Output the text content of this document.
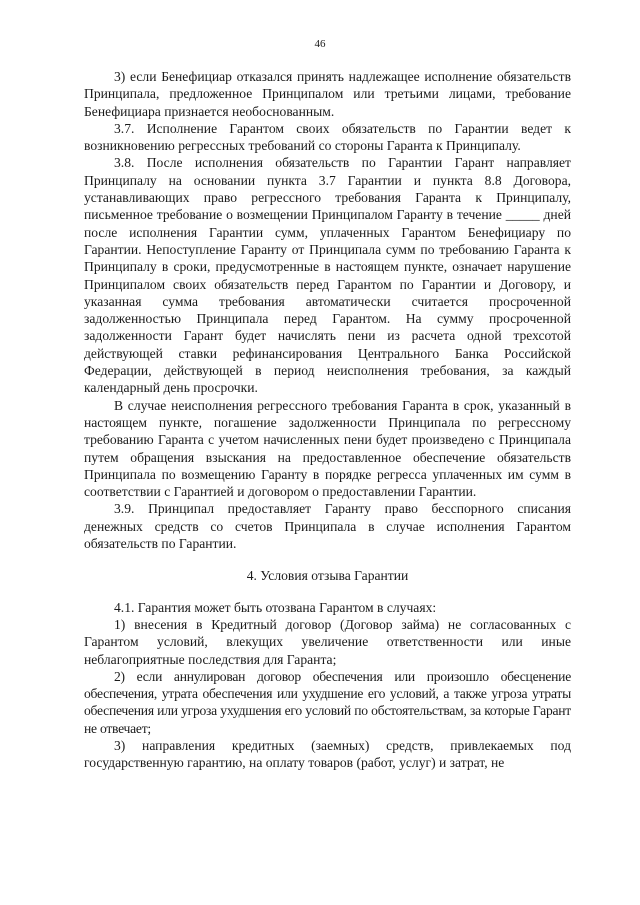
46

3) если Бенефициар отказался принять надлежащее исполнение обязательств Принципала, предложенное Принципалом или третьими лицами, требование Бенефициара признается необоснованным.

3.7. Исполнение Гарантом своих обязательств по Гарантии ведет к возникновению регрессных требований со стороны Гаранта к Принципалу.

3.8. После исполнения обязательств по Гарантии Гарант направляет Принципалу на основании пункта 3.7 Гарантии и пункта 8.8 Договора, устанавливающих право регрессного требования Гаранта к Принципалу, письменное требование о возмещении Принципалом Гаранту в течение _____ дней после исполнения Гарантии сумм, уплаченных Гарантом Бенефициару по Гарантии. Непоступление Гаранту от Принципала сумм по требованию Гаранта к Принципалу в сроки, предусмотренные в настоящем пункте, означает нарушение Принципалом своих обязательств перед Гарантом по Гарантии и Договору, и указанная сумма требования автоматически считается просроченной задолженностью Принципала перед Гарантом. На сумму просроченной задолженности Гарант будет начислять пени из расчета одной трехсотой действующей ставки рефинансирования Центрального Банка Российской Федерации, действующей в период неисполнения требования, за каждый календарный день просрочки.

В случае неисполнения регрессного требования Гаранта в срок, указанный в настоящем пункте, погашение задолженности Принципала по регрессному требованию Гаранта с учетом начисленных пени будет произведено с Принципала путем обращения взыскания на предоставленное обеспечение обязательств Принципала по возмещению Гаранту в порядке регресса уплаченных им сумм в соответствии с Гарантией и договором о предоставлении Гарантии.

3.9. Принципал предоставляет Гаранту право бесспорного списания денежных средств со счетов Принципала в случае исполнения Гарантом обязательств по Гарантии.

4. Условия отзыва Гарантии

4.1. Гарантия может быть отозвана Гарантом в случаях:

1) внесения в Кредитный договор (Договор займа) не согласованных с Гарантом условий, влекущих увеличение ответственности или иные неблагоприятные последствия для Гаранта;

2) если аннулирован договор обеспечения или произошло обесценение обеспечения, утрата обеспечения или ухудшение его условий, а также угроза утраты обеспечения или угроза ухудшения его условий по обстоятельствам, за которые Гарант не отвечает;

3) направления кредитных (заемных) средств, привлекаемых под государственную гарантию, на оплату товаров (работ, услуг) и затрат, не
